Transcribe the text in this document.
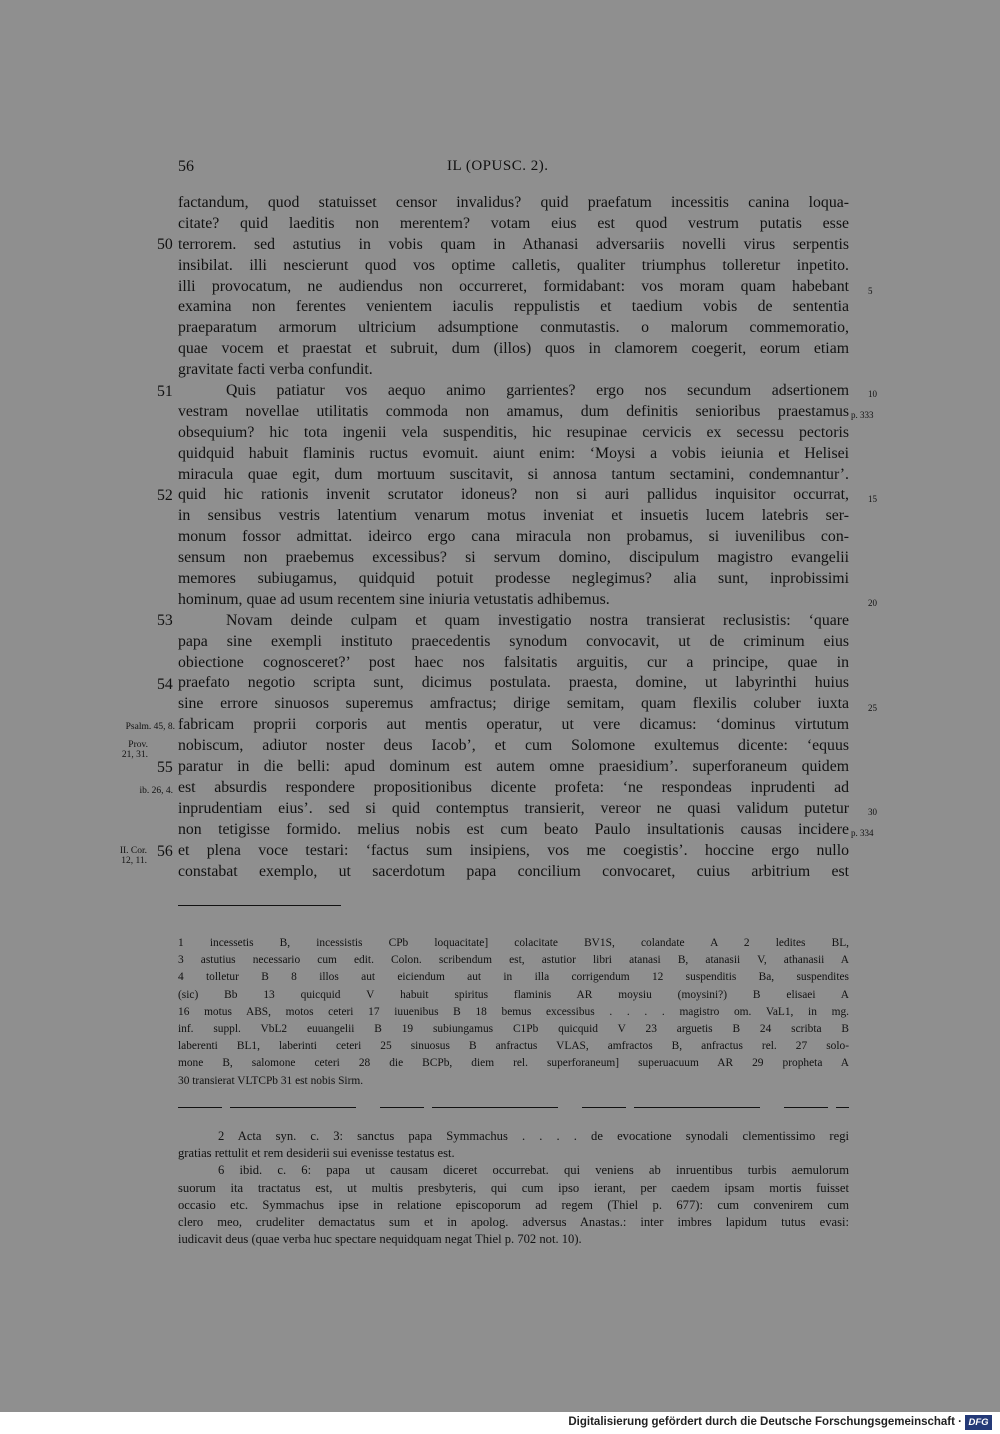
56	IL (OPUSC. 2).
50
51
52
53
54
55
56
Psalm. 45, 8.
Prov.
21, 31.
ib. 26, 4.
II. Cor.
12, 11.
5
10
p. 333
15
20
25
30
p. 334
factandum, quod statuisset censor invalidus? quid praefatum incessitis canina loqua-
citate? quid laeditis non merentem? votam eius est quod vestrum putatis esse
terrorem. sed astutius in vobis quam in Athanasi adversariis novelli virus serpentis
insibilat. illi nescierunt quod vos optime calletis, qualiter triumphus tolleretur inpetito.
illi provocatum, ne audiendus non occurreret, formidabant: vos moram quam habebant
examina non ferentes venientem iaculis reppulistis et taedium vobis de sententia
praeparatum armorum ultricium adsumptione conmutastis. o malorum commemoratio,
quae vocem et praestat et subruit, dum (illos) quos in clamorem coegerit, eorum etiam
gravitate facti verba confundit.
Quis patiatur vos aequo animo garrientes? ergo nos secundum adsertionem
vestram novellae utilitatis commoda non amamus, dum definitis senioribus praestamus
obsequium? hic tota ingenii vela suspenditis, hic resupinae cervicis ex secessu pectoris
quidquid habuit flaminis ructus evomuit. aiunt enim: ‘Moysi a vobis ieiunia et Helisei
miracula quae egit, dum mortuum suscitavit, si annosa tantum sectamini, condemnantur’.
quid hic rationis invenit scrutator idoneus? non si auri pallidus inquisitor occurrat,
in sensibus vestris latentium venarum motus inveniat et insuetis lucem latebris ser-
monum fossor admittat. ideirco ergo cana miracula non probamus, si iuvenilibus con-
sensum non praebemus excessibus? si servum domino, discipulum magistro evangelii
memores subiugamus, quidquid potuit prodesse neglegimus? alia sunt, inprobissimi
hominum, quae ad usum recentem sine iniuria vetustatis adhibemus.
Novam deinde culpam et quam investigatio nostra transierat reclusistis: ‘quare
papa sine exempli instituto praecedentis synodum convocavit, ut de criminum eius
obiectione cognosceret?’ post haec nos falsitatis arguitis, cur a principe, quae in
praefato negotio scripta sunt, dicimus postulata. praesta, domine, ut labyrinthi huius
sine errore sinuosos superemus amfractus; dirige semitam, quam flexilis coluber iuxta
fabricam proprii corporis aut mentis operatur, ut vere dicamus: ‘dominus virtutum
nobiscum, adiutor noster deus Iacob’, et cum Solomone exultemus dicente: ‘equus
paratur in die belli: apud dominum est autem omne praesidium’. superforaneum quidem
est absurdis respondere propositionibus dicente profeta: ‘ne respondeas inprudenti ad
inprudentiam eius’. sed si quid contemptus transierit, vereor ne quasi validum putetur
non tetigisse formido. melius nobis est cum beato Paulo insultationis causas incidere
et plena voce testari: ‘factus sum insipiens, vos me coegistis’. hoccine ergo nullo
constabat exemplo, ut sacerdotum papa concilium convocaret, cuius arbitrium est
1 incessetis B, incessistis CPb loquacitate] colacitate BV1S, colandate A 2 ledites BL,
3 astutius necessario cum edit. Colon. scribendum est, astutior libri atanasi B, atanasii V, athanasii A
4 tolletur B 8 illos aut eiciendum aut in illa corrigendum 12 suspenditis Ba, suspendites
(sic) Bb 13 quicquid V habuit spiritus flaminis AR moysiu (moysini?) B elisaei A
16 motus ABS, motos ceteri 17 iuuenibus B 18 bemus excessibus . . . . magistro om. VaL1, in mg.
inf. suppl. VbL2 euuangelii B 19 subiungamus C1Pb quicquid V 23 arguetis B 24 scribta B
laberenti BL1, laberinti ceteri 25 sinuosus B anfractus VLAS, amfractos B, anfractus rel. 27 solo-
mone B, salomone ceteri 28 die BCPb, diem rel. superforaneum] superuacuum AR 29 propheta A
30 transierat VLTCPb 31 est nobis Sirm.
2 Acta syn. c. 3: sanctus papa Symmachus . . . . de evocatione synodali clementissimo regi
gratias rettulit et rem desiderii sui evenisse testatus est.
6 ibid. c. 6: papa ut causam diceret occurrebat. qui veniens ab inruentibus turbis aemulorum
suorum ita tractatus est, ut multis presbyteris, qui cum ipso ierant, per caedem ipsam mortis fuisset
occasio etc. Symmachus ipse in relatione episcoporum ad regem (Thiel p. 677): cum convenirem cum
clero meo, crudeliter demactatus sum et in apolog. adversus Anastas.: inter imbres lapidum tutus evasi:
iudicavit deus (quae verba huc spectare nequidquam negat Thiel p. 702 not. 10).
Digitalisierung gefördert durch die Deutsche Forschungsgemeinschaft · DFG
